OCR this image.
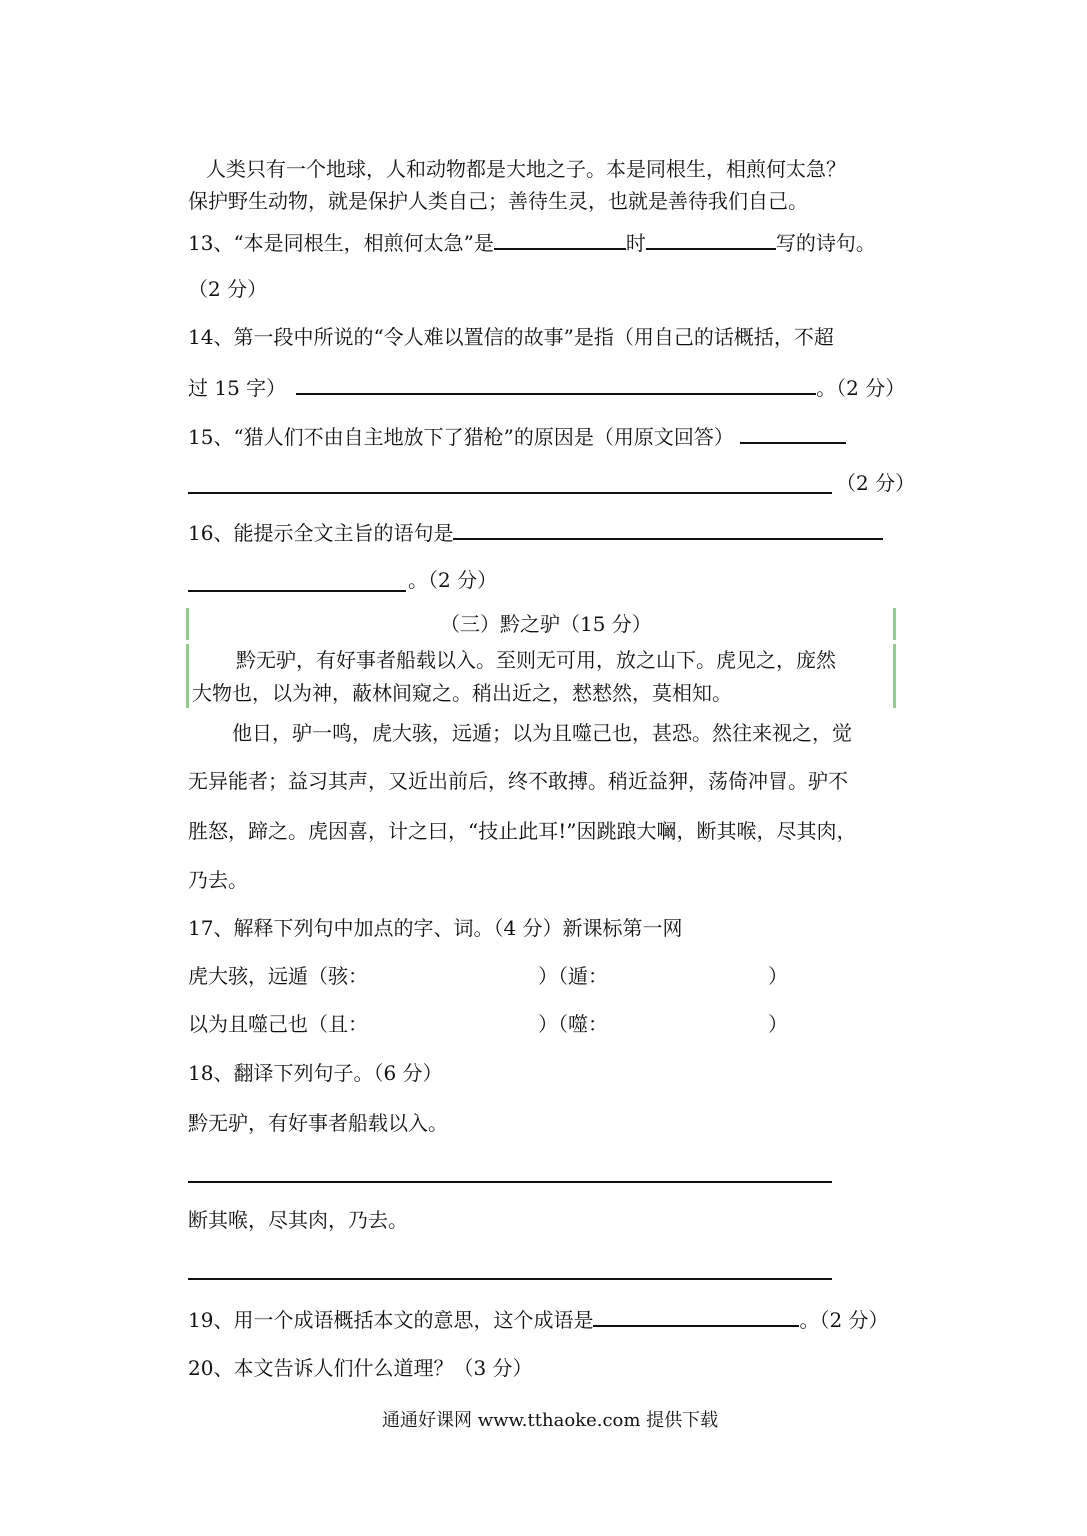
人类只有一个地球，人和动物都是大地之子。本是同根生，相煎何太急？
保护野生动物，就是保护人类自己；善待生灵，也就是善待我们自己。
13、“本是同根生，相煎何太急”是	时	写的诗句。
（2 分）
14、第一段中所说的“令人难以置信的故事”是指（用自己的话概括，不超
过 15 字）	。（2 分）
15、“猎人们不由自主地放下了猎枪”的原因是（用原文回答）
（2 分）
16、能提示全文主旨的语句是
。（2 分）
（三）黔之驴（15 分）
黔无驴，有好事者船载以入。至则无可用，放之山下。虎见之，庞然
大物也，以为神，蔽林间窥之。稍出近之，慭慭然，莫相知。
他日，驴一鸣，虎大骇，远遁；以为且噬己也，甚恐。然往来视之，觉
无异能者；益习其声，又近出前后，终不敢搏。稍近益狎，荡倚冲冒。驴不
胜怒，蹄之。虎因喜，计之曰，“技止此耳!”因跳踉大㘎，断其喉，尽其肉，
乃去。
17、解释下列句中加点的字、词。（4 分）新课标第一网
虎大骇，远遁（骇：	）（遁：	）
以为且噬己也（且：	）（噬：	）
18、翻译下列句子。（6 分）
黔无驴，有好事者船载以入。
断其喉，尽其肉，乃去。
19、用一个成语概括本文的意思，这个成语是	。（2 分）
20、本文告诉人们什么道理？（3 分）
通通好课网 www.tthaoke.com 提供下载
